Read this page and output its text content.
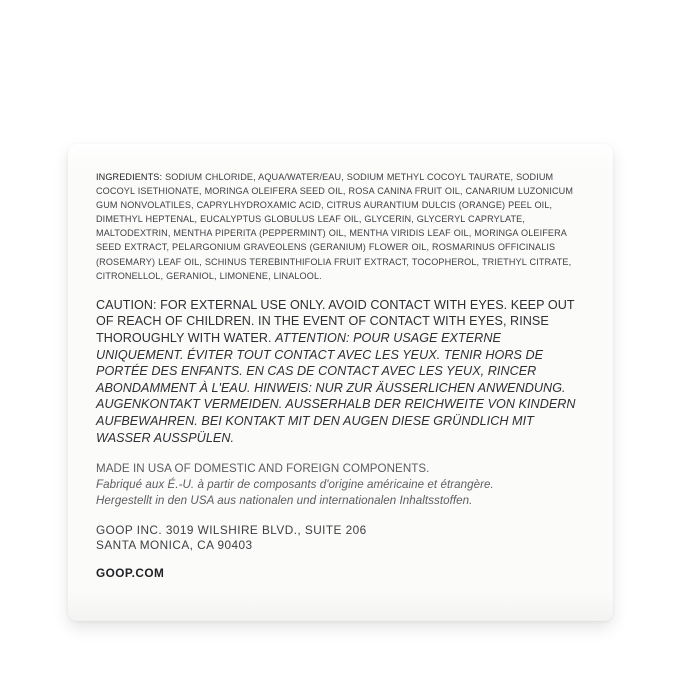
INGREDIENTS: SODIUM CHLORIDE, AQUA/WATER/EAU, SODIUM METHYL COCOYL TAURATE, SODIUM COCOYL ISETHIONATE, MORINGA OLEIFERA SEED OIL, ROSA CANINA FRUIT OIL, CANARIUM LUZONICUM GUM NONVOLATILES, CAPRYLHYDROXAMIC ACID, CITRUS AURANTIUM DULCIS (ORANGE) PEEL OIL, DIMETHYL HEPTENAL, EUCALYPTUS GLOBULUS LEAF OIL, GLYCERIN, GLYCERYL CAPRYLATE, MALTODEXTRIN, MENTHA PIPERITA (PEPPERMINT) OIL, MENTHA VIRIDIS LEAF OIL, MORINGA OLEIFERA SEED EXTRACT, PELARGONIUM GRAVEOLENS (GERANIUM) FLOWER OIL, ROSMARINUS OFFICINALIS (ROSEMARY) LEAF OIL, SCHINUS TEREBINTHIFOLIA FRUIT EXTRACT, TOCOPHEROL, TRIETHYL CITRATE, CITRONELLOL, GERANIOL, LIMONENE, LINALOOL.

CAUTION: FOR EXTERNAL USE ONLY. AVOID CONTACT WITH EYES. KEEP OUT OF REACH OF CHILDREN. IN THE EVENT OF CONTACT WITH EYES, RINSE THOROUGHLY WITH WATER. ATTENTION: POUR USAGE EXTERNE UNIQUEMENT. ÉVITER TOUT CONTACT AVEC LES YEUX. TENIR HORS DE PORTÉE DES ENFANTS. EN CAS DE CONTACT AVEC LES YEUX, RINCER ABONDAMMENT À L'EAU. HINWEIS: NUR ZUR ÄUSSERLICHEN ANWENDUNG. AUGENKONTAKT VERMEIDEN. AUSSERHALB DER REICHWEITE VON KINDERN AUFBEWAHREN. BEI KONTAKT MIT DEN AUGEN DIESE GRÜNDLICH MIT WASSER AUSSPÜLEN.

MADE IN USA OF DOMESTIC AND FOREIGN COMPONENTS.
Fabriqué aux É.-U. à partir de composants d'origine américaine et étrangère.
Hergestellt in den USA aus nationalen und internationalen Inhaltsstoffen.

GOOP INC. 3019 WILSHIRE BLVD., SUITE 206
SANTA MONICA, CA 90403
GOOP.COM
